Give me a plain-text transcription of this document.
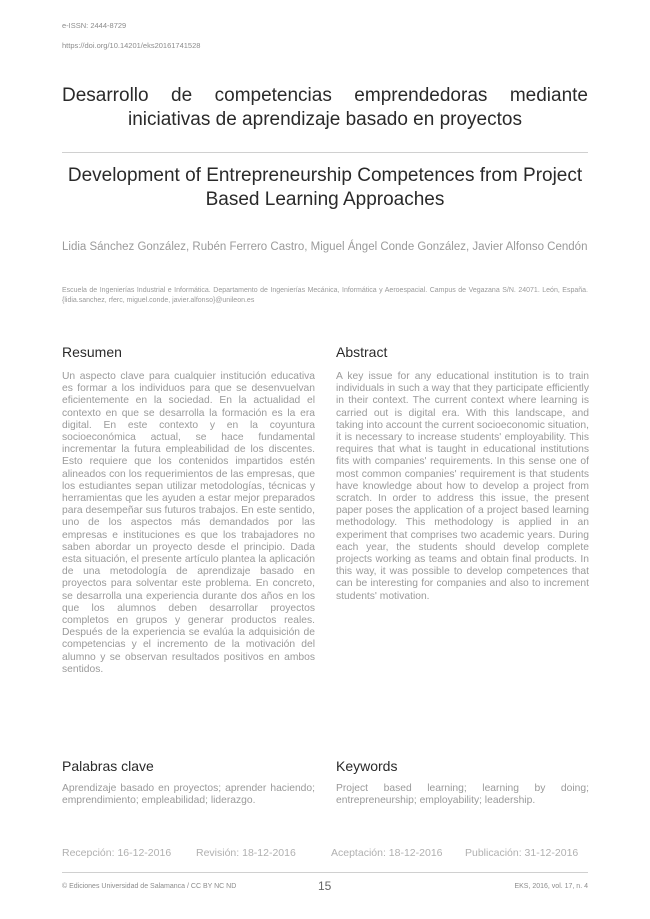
e-ISSN: 2444-8729
https://doi.org/10.14201/eks20161741528
Desarrollo de competencias emprendedoras mediante iniciativas de aprendizaje basado en proyectos
Development of Entrepreneurship Competences from Project Based Learning Approaches
Lidia Sánchez González, Rubén Ferrero Castro, Miguel Ángel Conde González, Javier Alfonso Cendón
Escuela de Ingenierías Industrial e Informática. Departamento de Ingenierías Mecánica, Informática y Aeroespacial. Campus de Vegazana S/N. 24071. León, España. {lidia.sanchez, rferc, miguel.conde, javier.alfonso}@unileon.es
Resumen
Un aspecto clave para cualquier institución educativa es formar a los individuos para que se desenvuelvan eficientemente en la sociedad. En la actualidad el contexto en que se desarrolla la formación es la era digital. En este contexto y en la coyuntura socioeconómica actual, se hace fundamental incrementar la futura empleabilidad de los discentes. Esto requiere que los contenidos impartidos estén alineados con los requerimientos de las empresas, que los estudiantes sepan utilizar metodologías, técnicas y herramientas que les ayuden a estar mejor preparados para desempeñar sus futuros trabajos. En este sentido, uno de los aspectos más demandados por las empresas e instituciones es que los trabajadores no saben abordar un proyecto desde el principio. Dada esta situación, el presente artículo plantea la aplicación de una metodología de aprendizaje basado en proyectos para solventar este problema. En concreto, se desarrolla una experiencia durante dos años en los que los alumnos deben desarrollar proyectos completos en grupos y generar productos reales. Después de la experiencia se evalúa la adquisición de competencias y el incremento de la motivación del alumno y se observan resultados positivos en ambos sentidos.
Abstract
A key issue for any educational institution is to train individuals in such a way that they participate efficiently in their context. The current context where learning is carried out is digital era. With this landscape, and taking into account the current socioeconomic situation, it is necessary to increase students' employability. This requires that what is taught in educational institutions fits with companies' requirements. In this sense one of most common companies' requirement is that students have knowledge about how to develop a project from scratch. In order to address this issue, the present paper poses the application of a project based learning methodology. This methodology is applied in an experiment that comprises two academic years. During each year, the students should develop complete projects working as teams and obtain final products. In this way, it was possible to develop competences that can be interesting for companies and also to increment students' motivation.
Palabras clave
Aprendizaje basado en proyectos; aprender haciendo; emprendimiento; empleabilidad; liderazgo.
Keywords
Project based learning; learning by doing; entrepreneurship; employability; leadership.
Recepción: 16-12-2016 Revisión: 18-12-2016	Aceptación: 18-12-2016 Publicación: 31-12-2016
© Ediciones Universidad de Salamanca / CC BY NC ND	15	EKS, 2016, vol. 17, n. 4
